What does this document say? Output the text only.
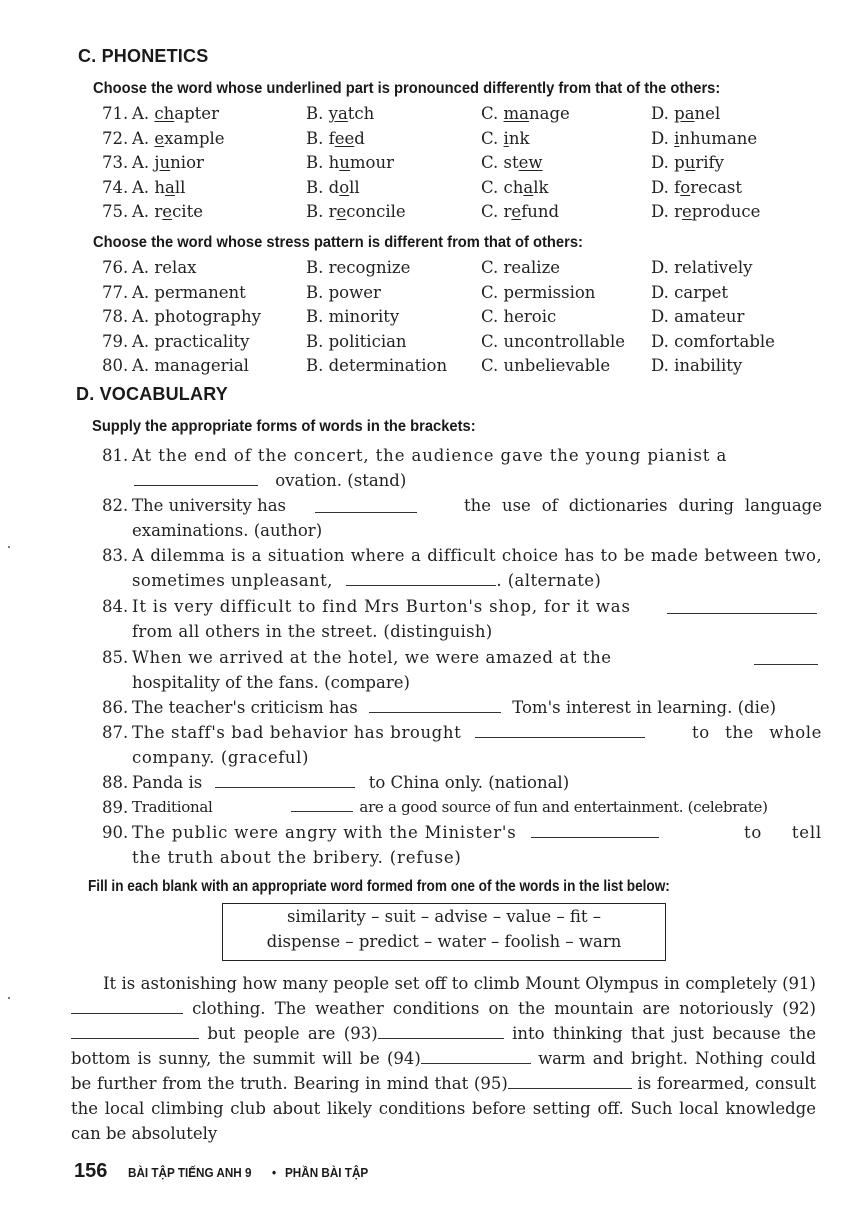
C. PHONETICS
Choose the word whose underlined part is pronounced differently from that of the others:
71. A. chapter	B. yatch	C. manage	D. panel
72. A. example	B. feed	C. ink	D. inhumane
73. A. junior	B. humour	C. stew	D. purify
74. A. hall	B. doll	C. chalk	D. forecast
75. A. recite	B. reconcile	C. refund	D. reproduce
Choose the word whose stress pattern is different from that of others:
76. A. relax	B. recognize	C. realize	D. relatively
77. A. permanent	B. power	C. permission	D. carpet
78. A. photography	B. minority	C. heroic	D. amateur
79. A. practicality	B. politician	C. uncontrollable D. comfortable
80. A. managerial	B. determination C. unbelievable D. inability
D. VOCABULARY
Supply the appropriate forms of words in the brackets:
81. At the end of the concert, the audience gave the young pianist a
ovation. (stand)
82. The university has	the use of dictionaries during language examinations. (author)
83. A dilemma is a situation where a difficult choice has to be made between two, sometimes unpleasant,	. (alternate)
84. It is very difficult to find Mrs Burton's shop, for it was
from all others in the street. (distinguish)
85. When we arrived at the hotel, we were amazed at the
hospitality of the fans. (compare)
86. The teacher's criticism has	Tom's interest in learning. (die)
87. The staff's bad behavior has brought	to the whole company. (graceful)
88. Panda is	to China only. (national)
89. Traditional	are a good source of fun and entertainment. (celebrate)
90. The public were angry with the Minister's	to tell the truth about the bribery. (refuse)
Fill in each blank with an appropriate word formed from one of the words in the list below:
similarity – suit – advise – value – fit –
dispense – predict – water – foolish – warn
It is astonishing how many people set off to climb Mount Olympus in completely (91) clothing. The weather conditions on the mountain are notoriously (92) but people are (93)	into thinking that just because the bottom is sunny, the summit will be (94)	warm and bright. Nothing could be further from the truth. Bearing in mind that (95)	is forearmed, consult the local climbing club about likely conditions before setting off. Such local knowledge can be absolutely
156 BÀI TẬP TIẾNG ANH 9 • PHẦN BÀI TẬP
